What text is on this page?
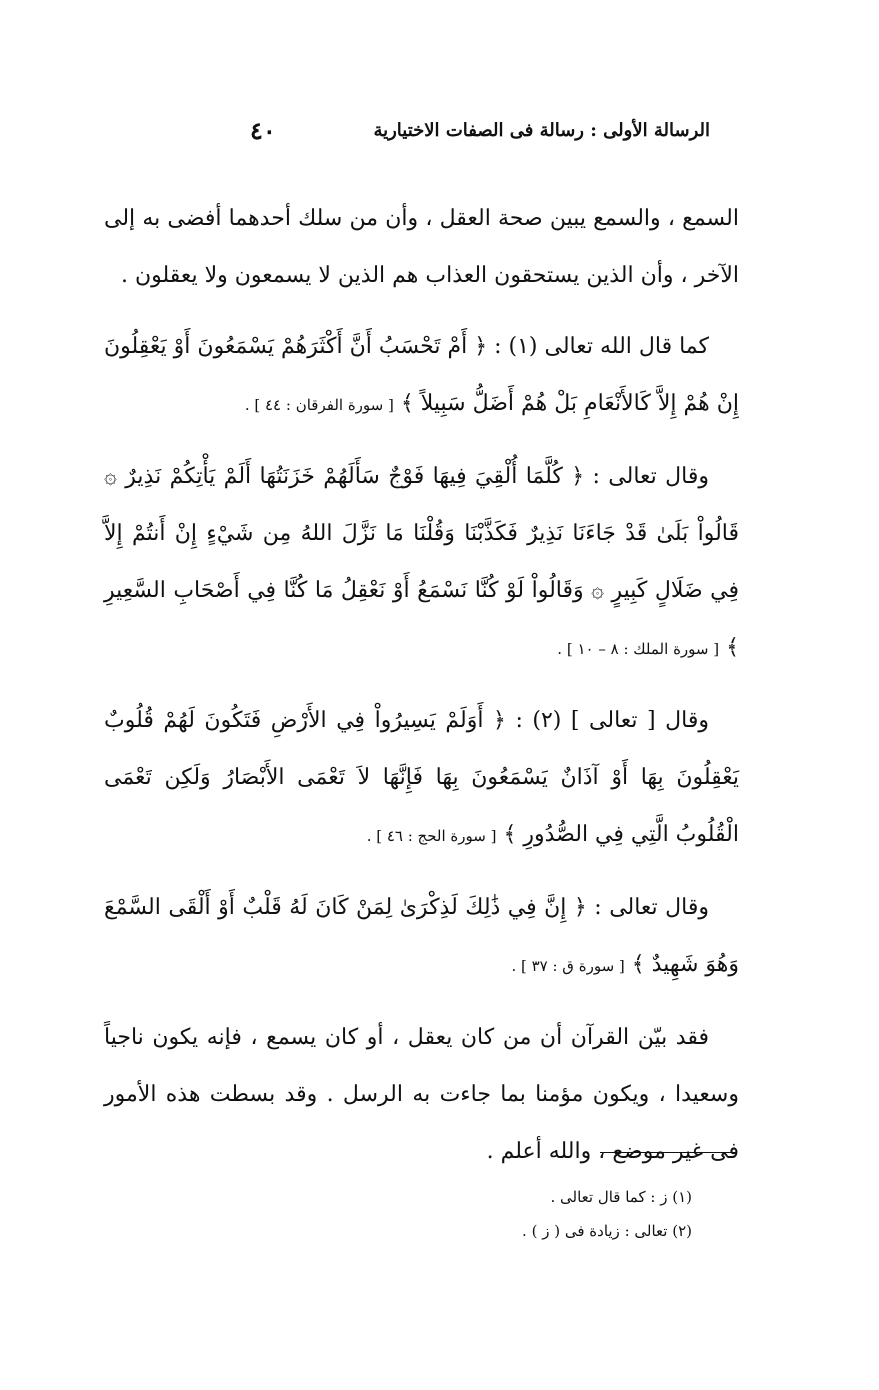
الرسالة الأولى : رسالة فى الصفات الاختيارية
٤٠

السمع ، والسمع يبين صحة العقل ، وأن من سلك أحدهما أفضى به إلى الآخر ، وأن الذين يستحقون العذاب هم الذين لا يسمعون ولا يعقلون .

كما قال الله تعالى (١) : ﴿ أَمْ تَحْسَبُ أَنَّ أَكْثَرَهُمْ يَسْمَعُونَ أَوْ يَعْقِلُونَ إِنْ هُمْ إِلاَّ كَالأَنْعَامِ بَلْ هُمْ أَضَلُّ سَبِيلاً ﴾ [ سورة الفرقان : ٤٤ ] .

وقال تعالى : ﴿ كُلَّمَا أُلْقِيَ فِيهَا فَوْجٌ سَأَلَهُمْ خَزَنَتُهَا أَلَمْ يَأْتِكُمْ نَذِيرٌ ۞ قَالُواْ بَلَىٰ قَدْ جَاءَنَا نَذِيرٌ فَكَذَّبْنَا وَقُلْنَا مَا نَزَّلَ اللهُ مِن شَيْءٍ إِنْ أَنتُمْ إِلاَّ فِي ضَلَالٍ كَبِيرٍ ۞ وَقَالُواْ لَوْ كُنَّا نَسْمَعُ أَوْ نَعْقِلُ مَا كُنَّا فِي أَصْحَابِ السَّعِيرِ ﴾ [ سورة الملك : ٨ – ١٠ ] .

وقال [ تعالى ] (٢) : ﴿ أَوَلَمْ يَسِيرُواْ فِي الأَرْضِ فَتَكُونَ لَهُمْ قُلُوبٌ يَعْقِلُونَ بِهَا أَوْ آذَانٌ يَسْمَعُونَ بِهَا فَإِنَّهَا لاَ تَعْمَى الأَبْصَارُ وَلَكِن تَعْمَى الْقُلُوبُ الَّتِي فِي الصُّدُورِ ﴾ [ سورة الحج : ٤٦ ] .

وقال تعالى : ﴿ إِنَّ فِي ذَٰلِكَ لَذِكْرَىٰ لِمَنْ كَانَ لَهُ قَلْبٌ أَوْ أَلْقَى السَّمْعَ وَهُوَ شَهِيدٌ ﴾ [ سورة ق : ٣٧ ] .

فقد بيّن القرآن أن من كان يعقل ، أو كان يسمع ، فإنه يكون ناجياً وسعيدا ، ويكون مؤمنا بما جاءت به الرسل . وقد بسطت هذه الأمور فى غير موضع ، والله أعلم .

(١) ز : كما قال تعالى .

(٢) تعالى : زيادة فى ( ز ) .
